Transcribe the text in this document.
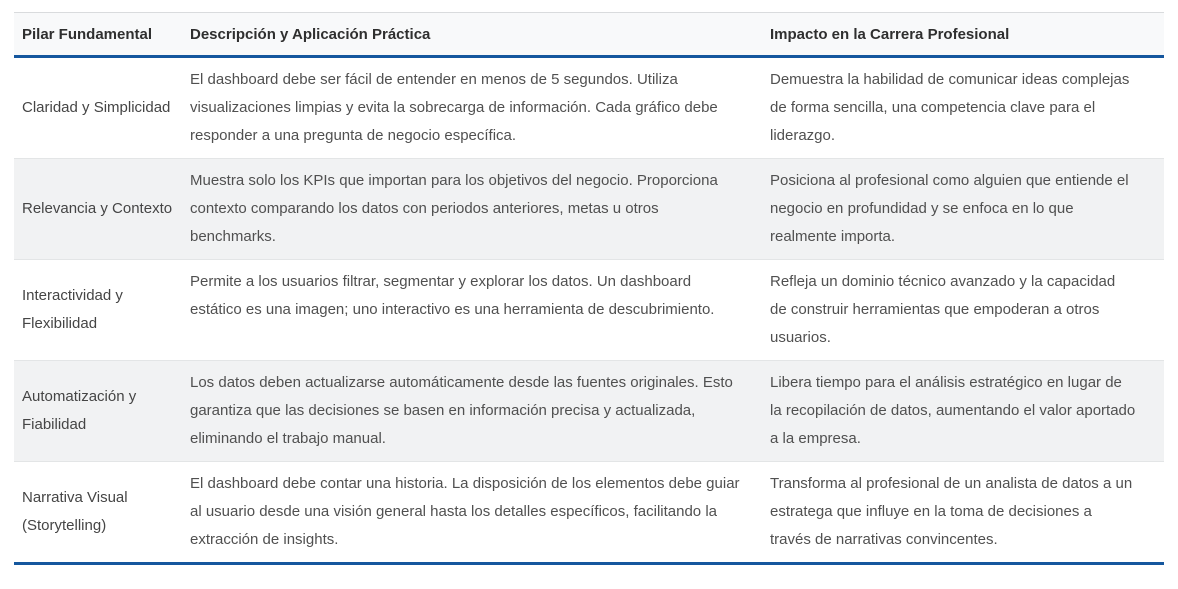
Pilar Fundamental	Descripción y Aplicación Práctica	Impacto en la Carrera Profesional
Claridad y Simplicidad	El dashboard debe ser fácil de entender en menos de 5 segundos. Utiliza visualizaciones limpias y evita la sobrecarga de información. Cada gráfico debe responder a una pregunta de negocio específica.	Demuestra la habilidad de comunicar ideas complejas de forma sencilla, una competencia clave para el liderazgo.
Relevancia y Contexto	Muestra solo los KPIs que importan para los objetivos del negocio. Proporciona contexto comparando los datos con periodos anteriores, metas u otros benchmarks.	Posiciona al profesional como alguien que entiende el negocio en profundidad y se enfoca en lo que realmente importa.
Interactividad y Flexibilidad	Permite a los usuarios filtrar, segmentar y explorar los datos. Un dashboard estático es una imagen; uno interactivo es una herramienta de descubrimiento.	Refleja un dominio técnico avanzado y la capacidad de construir herramientas que empoderan a otros usuarios.
Automatización y Fiabilidad	Los datos deben actualizarse automáticamente desde las fuentes originales. Esto garantiza que las decisiones se basen en información precisa y actualizada, eliminando el trabajo manual.	Libera tiempo para el análisis estratégico en lugar de la recopilación de datos, aumentando el valor aportado a la empresa.
Narrativa Visual (Storytelling)	El dashboard debe contar una historia. La disposición de los elementos debe guiar al usuario desde una visión general hasta los detalles específicos, facilitando la extracción de insights.	Transforma al profesional de un analista de datos a un estratega que influye en la toma de decisiones a través de narrativas convincentes.
